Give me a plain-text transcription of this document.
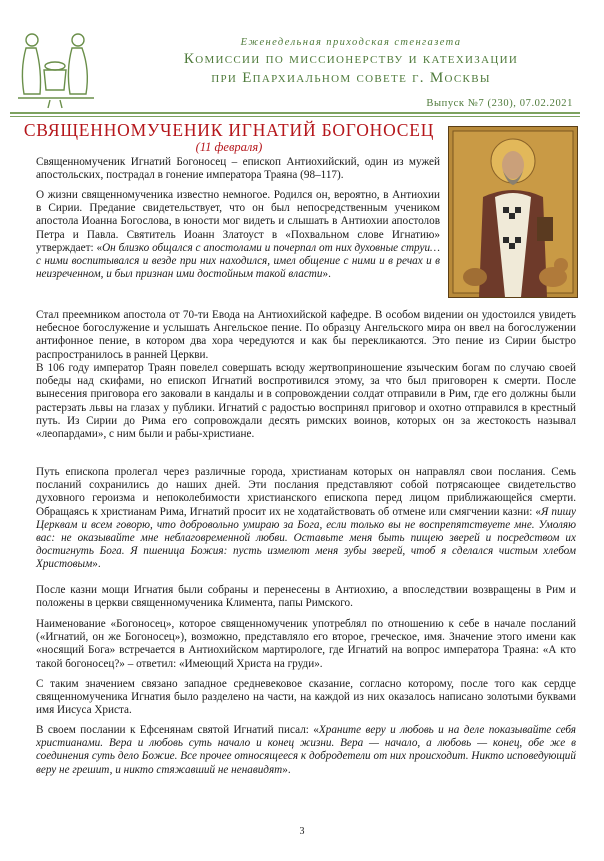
Еженедельная приходская стенгазета
Комиссии по миссионерству и катехизации
при Епархиальном совете г. Москвы
Выпуск №7 (230), 07.02.2021
СВЯЩЕННОМУЧЕНИК ИГНАТИЙ БОГОНОСЕЦ
(11 февраля)

Священномученик Игнатий Богоносец – епископ Антиохийский, один из мужей апостольских, пострадал в гонение императора Траяна (98–117).

О жизни священномученика известно немногое. Родился он, вероятно, в Антиохии в Сирии. Предание свидетельствует, что он был непосредственным учеником апостола Иоанна Богослова, в юности мог видеть и слышать в Антиохии апостолов Петра и Павла. Святитель Иоанн Златоуст в «Похвальном слове Игнатию» утверждает: «Он близко общался с апостолами и почерпал от них духовные струи… с ними воспитывался и везде при них находился, имел общение с ними и в речах и в неизреченном, и был признан ими достойным такой власти».

Стал преемником апостола от 70-ти Евода на Антиохийской кафедре. В особом видении он удостоился увидеть небесное богослужение и услышать Ангельское пение. По образцу Ангельского мира он ввел на богослужении антифонное пение, в котором два хора чередуются и как бы перекликаются. Это пение из Сирии быстро распространилось в ранней Церкви.

В 106 году император Траян повелел совершать всюду жертвоприношение языческим богам по случаю своей победы над скифами, но епископ Игнатий воспротивился этому, за что был приговорен к смерти. После вынесения приговора его заковали в кандалы и в сопровождении солдат отправили в Рим, где его должны были растерзать львы на глазах у публики. Игнатий с радостью воспринял приговор и охотно отправился в крестный путь. Из Сирии до Рима его сопровождали десять римских воинов, которых он за жестокость называл «леопардами», с ним были и рабы-христиане.

Путь епископа пролегал через различные города, христианам которых он направлял свои послания. Семь посланий сохранились до наших дней. Эти послания представляют собой потрясающее свидетельство духовного героизма и непоколебимости христианского епископа перед лицом приближающейся смерти. Обращаясь к христианам Рима, Игнатий просит их не ходатайствовать об отмене или смягчении казни: «Я пишу Церквам и всем говорю, что добровольно умираю за Бога, если только вы не воспрепятствуете мне. Умоляю вас: не оказывайте мне неблаговременной любви. Оставьте меня быть пищею зверей и посредством их достигнуть Бога. Я пшеница Божия: пусть измелют меня зубы зверей, чтоб я сделался чистым хлебом Христовым».

После казни мощи Игнатия были собраны и перенесены в Антиохию, а впоследствии возвращены в Рим и положены в церкви священномученика Климента, папы Римского.

Наименование «Богоносец», которое священномученик употреблял по отношению к себе в начале посланий («Игнатий, он же Богоносец»), возможно, представляло его второе, греческое, имя. Значение этого имени как «носящий Бога» встречается в Антиохийском мартирологе, где Игнатий на вопрос императора Траяна: «А кто такой богоносец?» – ответил: «Имеющий Христа на груди».

С таким значением связано западное средневековое сказание, согласно которому, после того как сердце священномученика Игнатия было разделено на части, на каждой из них оказалось написано золотыми буквами имя Иисуса Христа.

В своем послании к Ефсенянам святой Игнатий писал: «Храните веру и любовь и на деле показывайте себя христианами. Вера и любовь суть начало и конец жизни. Вера — начало, а любовь — конец, обе же в соединения суть дело Божие. Все прочее относящееся к добродетели от них происходит. Никто исповедующий веру не грешит, и никто стяжавший не ненавидят».

3
